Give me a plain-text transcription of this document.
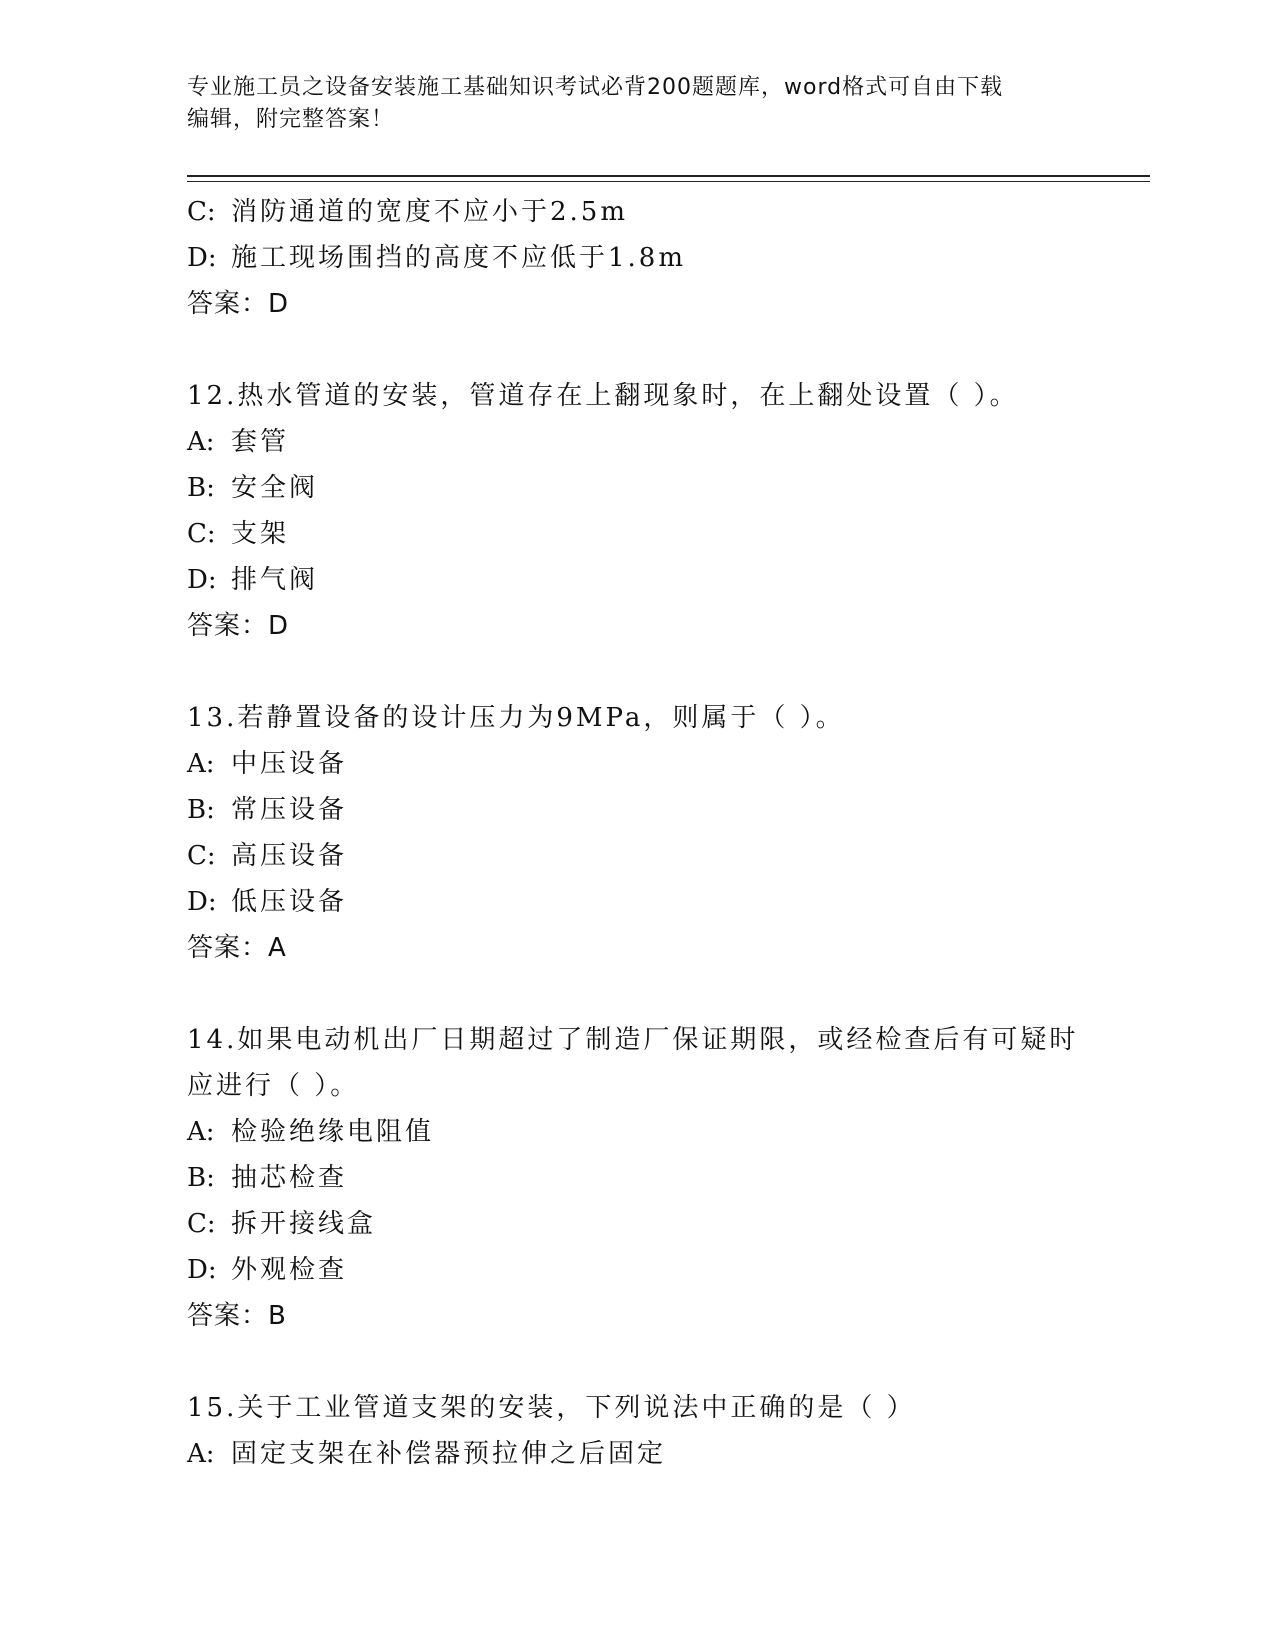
专业施工员之设备安装施工基础知识考试必背200题题库，word格式可自由下载
编辑，附完整答案！
C: 消防通道的宽度不应小于2.5m
D: 施工现场围挡的高度不应低于1.8m
答案：D
12.热水管道的安装，管道存在上翻现象时，在上翻处设置（ ）。
A: 套管
B: 安全阀
C: 支架
D: 排气阀
答案：D
13.若静置设备的设计压力为9MPa，则属于（ ）。
A: 中压设备
B: 常压设备
C: 高压设备
D: 低压设备
答案：A
14.如果电动机出厂日期超过了制造厂保证期限，或经检查后有可疑时
应进行（ ）。
A: 检验绝缘电阻值
B: 抽芯检查
C: 拆开接线盒
D: 外观检查
答案：B
15.关于工业管道支架的安装，下列说法中正确的是（ ）
A: 固定支架在补偿器预拉伸之后固定
